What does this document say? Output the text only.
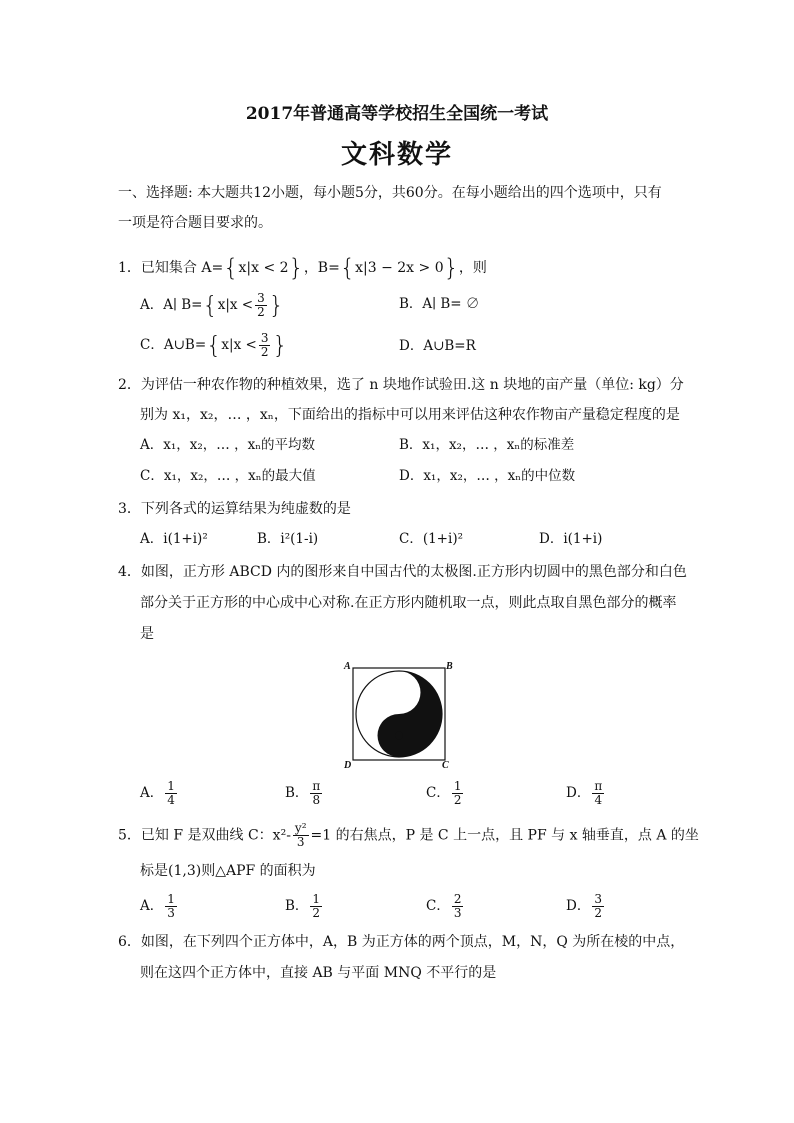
2017年普通高等学校招生全国统一考试
文科数学
一、选择题: 本大题共12小题，每小题5分，共60分。在每小题给出的四个选项中，只有
一项是符合题目要求的。
1．已知集合 A={x|x < 2}，B={x|3 − 2x > 0}，则
A．A∣ $B=\{x|x < \frac{3}{2}$ }	B．A∣ B= ∅
C．A∪B={x|x < $\frac{3}{2}$ }	D．A∪B=R
2．为评估一种农作物的种植效果，选了 n 块地作试验田.这 n 块地的亩产量（单位: kg）分
别为 x₁，x₂，… ，xₙ，下面给出的指标中可以用来评估这种农作物亩产量稳定程度的是
A．x₁，x₂，… ，xₙ的平均数	B．x₁，x₂，… ，xₙ的标准差
C．x₁，x₂，… ，xₙ的最大值	D．x₁，x₂，… ，xₙ的中位数
3．下列各式的运算结果为纯虚数的是
A．i(1+i)²	B．i²(1-i)	C．(1+i)²	D．i(1+i)
4．如图，正方形 ABCD 内的图形来自中国古代的太极图.正方形内切圆中的黑色部分和白色
部分关于正方形的中心成中心对称.在正方形内随机取一点，则此点取自黑色部分的概率
是
A	B
D	C
A． $\frac{1}{4}$	B． $\frac{\pi}{8}$	C． $\frac{1}{2}$	D． $\frac{\pi}{4}$
5．已知 F 是双曲线 C：$x^2- \frac{\text{y²}}{3} =1$ 的右焦点，P 是 C 上一点，且 PF 与 x 轴垂直，点 A 的坐
标是(1,3)则△APF 的面积为
A． $\frac{1}{3}$	B． $\frac{1}{2}$	C． $\frac{2}{3}$	D． $\frac{3}{2}$
6．如图，在下列四个正方体中，A，B 为正方体的两个顶点，M，N，Q 为所在棱的中点，
则在这四个正方体中，直接 AB 与平面 MNQ 不平行的是
